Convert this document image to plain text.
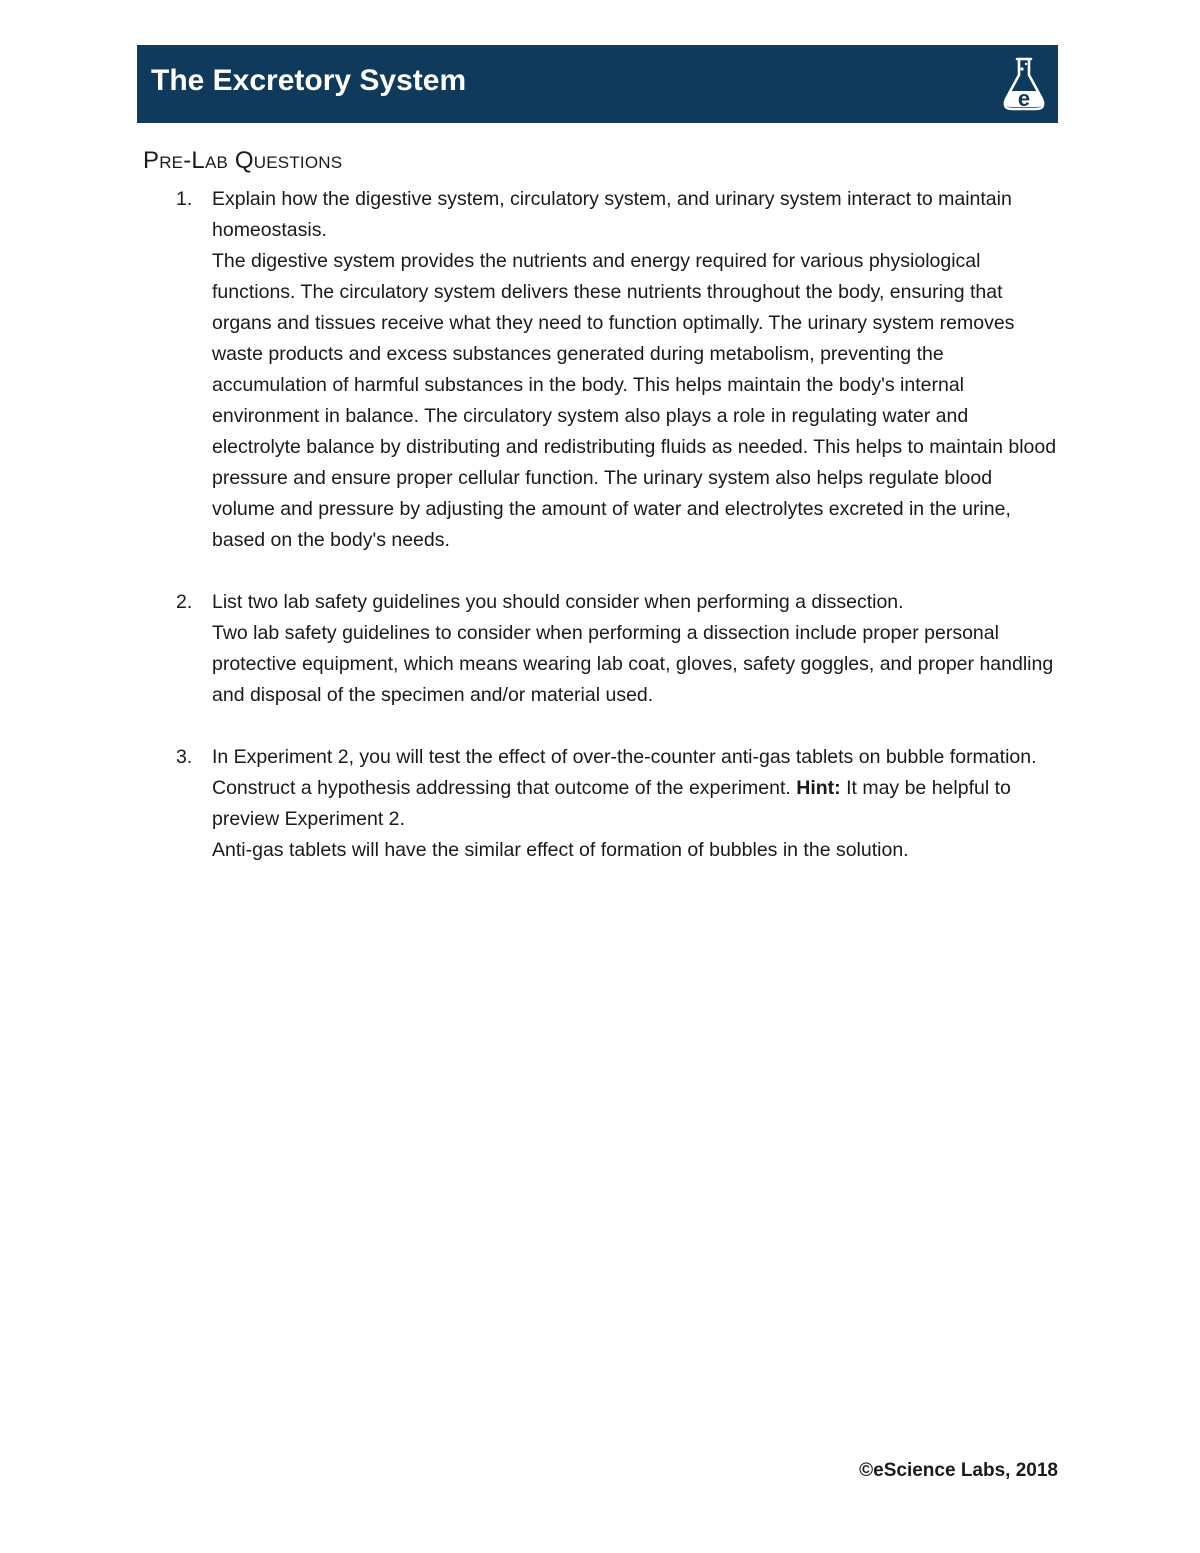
The Excretory System
e
Pre-Lab Questions
1. Explain how the digestive system, circulatory system, and urinary system interact to maintain homeostasis.
The digestive system provides the nutrients and energy required for various physiological functions. The circulatory system delivers these nutrients throughout the body, ensuring that organs and tissues receive what they need to function optimally. The urinary system removes waste products and excess substances generated during metabolism, preventing the accumulation of harmful substances in the body. This helps maintain the body's internal environment in balance. The circulatory system also plays a role in regulating water and electrolyte balance by distributing and redistributing fluids as needed. This helps to maintain blood pressure and ensure proper cellular function. The urinary system also helps regulate blood volume and pressure by adjusting the amount of water and electrolytes excreted in the urine, based on the body's needs.
2. List two lab safety guidelines you should consider when performing a dissection.
Two lab safety guidelines to consider when performing a dissection include proper personal protective equipment, which means wearing lab coat, gloves, safety goggles, and proper handling and disposal of the specimen and/or material used.
3. In Experiment 2, you will test the effect of over-the-counter anti-gas tablets on bubble formation. Construct a hypothesis addressing that outcome of the experiment. Hint: It may be helpful to preview Experiment 2.
Anti-gas tablets will have the similar effect of formation of bubbles in the solution.
©eScience Labs, 2018
